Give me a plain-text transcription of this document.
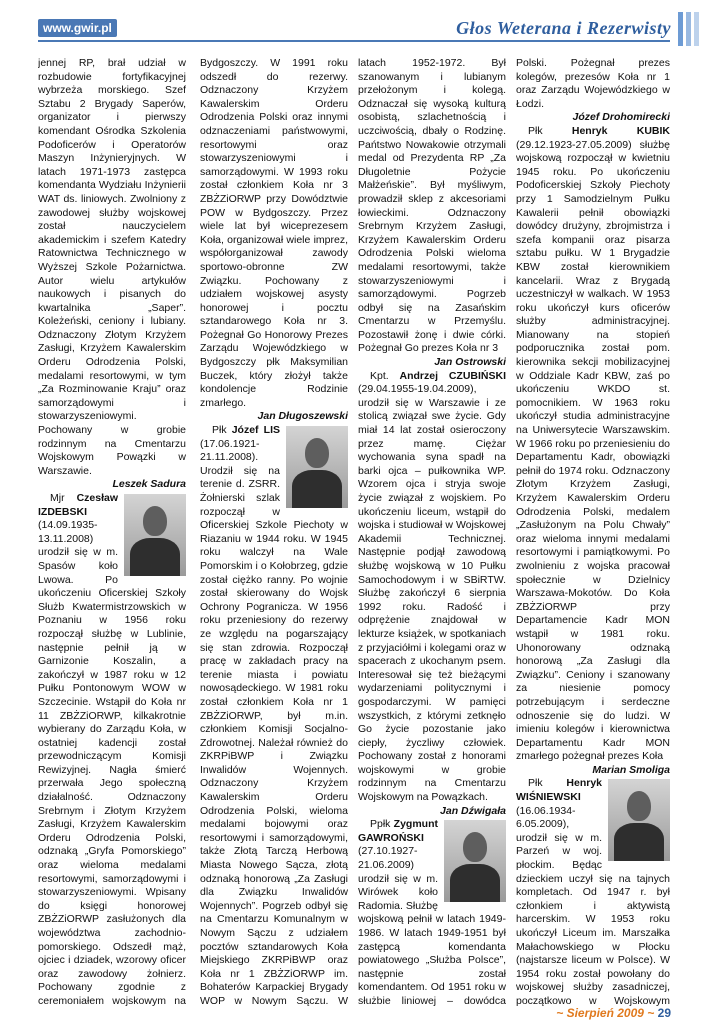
www.gwir.pl	Głos Weterana i Rezerwisty

jennej RP, brał udział w rozbudowie fortyfikacyjnej wybrzeża morskiego. Szef Sztabu 2 Brygady Saperów, organizator i pierwszy komendant Ośrodka Szkolenia Podoficerów i Operatorów Maszyn Inżynieryjnych. W latach 1971-1973 zastępca komendanta Wydziału Inżynierii WAT ds. liniowych. Zwolniony z zawodowej służby wojskowej został nauczycielem akademickim i szefem Katedry Ratownictwa Technicznego w Wyższej Szkole Pożarnictwa. Autor wielu artykułów naukowych i pisanych do kwartalnika „Saper”. Koleżeński, ceniony i lubiany. Odznaczony Złotym Krzyżem Zasługi, Krzyżem Kawalerskim Orderu Odrodzenia Polski, medalami resortowymi, w tym „Za Rozminowanie Kraju” oraz samorządowymi i stowarzyszeniowymi. Pochowany w grobie rodzinnym na Cmentarzu Wojskowym Powązki w Warszawie.

Leszek Sadura

Mjr Czesław IZDEBSKI (14.09.1935-13.11.2008) urodził się w m. Spasów koło Lwowa. Po ukończeniu Oficerskiej Szkoły Służb Kwatermistrzowskich w Poznaniu w 1956 roku rozpoczął służbę w Lublinie, następnie pełnił ją w Garnizonie Koszalin, a zakończył w 1987 roku w 12 Pułku Pontonowym WOW w Szczecinie. Wstąpił do Koła nr 11 ZBŻZiORWP, kilkakrotnie wybierany do Zarządu Koła, w ostatniej kadencji został przewodniczącym Komisji Rewizyjnej. Nagła śmierć przerwała Jego społeczną działalność. Odznaczony Srebrnym i Złotym Krzyżem Zasługi, Krzyżem Kawalerskim Orderu Odrodzenia Polski, odznaką „Gryfa Pomorskiego” oraz wieloma medalami resortowymi, samorządowymi i stowarzyszeniowymi. Wpisany do księgi honorowej ZBŻZiORWP zasłużonych dla województwa zachodnio-pomorskiego. Odszedł mąż, ojciec i dziadek, wzorowy oficer oraz zawodowy żołnierz. Pochowany zgodnie z ceremoniałem wojskowym na

Bydgoszczy. W 1991 roku odszedł do rezerwy. Odznaczony Krzyżem Kawalerskim Orderu Odrodzenia Polski oraz innymi odznaczeniami państwowymi, resortowymi oraz stowarzyszeniowymi i samorządowymi. W 1993 roku został członkiem Koła nr 3 ZBŻZiORWP przy Dowództwie POW w Bydgoszczy. Przez wiele lat był wiceprezesem Koła, organizował wiele imprez, współorganizował zawody sportowo-obronne ZW Związku. Pochowany z udziałem wojskowej asysty honorowej i pocztu sztandarowego Koła nr 3. Pożegnał Go Honorowy Prezes Zarządu Wojewódzkiego w Bydgoszczy płk Maksymilian Buczek, który złożył także kondolencje Rodzinie zmarłego.

Jan Długoszewski

Płk Józef LIS (17.06.1921-21.11.2008). Urodził się na terenie d. ZSRR. Żołnierski szlak rozpoczął w Oficerskiej Szkole Piechoty w Riazaniu w 1944 roku. W 1945 roku walczył na Wale Pomorskim i o Kołobrzeg, gdzie został ciężko ranny. Po wojnie został skierowany do Wojsk Ochrony Pogranicza. W 1956 roku przeniesiony do rezerwy ze względu na pogarszający się stan zdrowia. Rozpoczął pracę w zakładach pracy na terenie miasta i powiatu nowosądeckiego. W 1981 roku został członkiem Koła nr 1 ZBŻZiORWP, był m.in. członkiem Komisji Socjalno-Zdrowotnej. Należał również do ZKRPiBWP i Związku Inwalidów Wojennych. Odznaczony Krzyżem Kawalerskim Orderu Odrodzenia Polski, wieloma medalami bojowymi oraz resortowymi i samorządowymi, także Złotą Tarczą Herbową Miasta Nowego Sącza, złotą odznaką honorową „Za Zasługi dla Związku Inwalidów Wojennych”. Pogrzeb odbył się na Cmentarzu Komunalnym w Nowym Sączu z udziałem pocztów sztandarowych Koła Miejskiego ZKRPiBWP oraz Koła nr 1 ZBŻZiORWP im. Bohaterów Karpackiej Brygady WOP w Nowym Sączu. W

latach 1952-1972. Był szanowanym i lubianym przełożonym i kolegą. Odznaczał się wysoką kulturą osobistą, szlachetnością i uczciwością, dbały o Rodzinę. Pańtstwo Nowakowie otrzymali medal od Prezydenta RP „Za Długoletnie Pożycie Małżeńskie”. Był myśliwym, prowadził sklep z akcesoriami łowieckimi. Odznaczony Srebrnym Krzyżem Zasługi, Krzyżem Kawalerskim Orderu Odrodzenia Polski wieloma medalami resortowymi, także stowarzyszeniowymi i samorządowymi. Pogrzeb odbył się na Zasańskim Cmentarzu w Przemyślu. Pozostawił żonę i dwie córki. Pożegnał Go prezes Koła nr 3

Jan Ostrowski

Kpt. Andrzej CZUBIŃSKI (29.04.1955-19.04.2009), urodził się w Warszawie i ze stolicą związał swe życie. Gdy miał 14 lat został osieroczony przez mamę. Ciężar wychowania syna spadł na barki ojca – pułkownika WP. Wzorem ojca i stryja swoje życie związał z wojskiem. Po ukończeniu liceum, wstąpił do wojska i studiował w Wojskowej Akademii Technicznej. Następnie podjął zawodową służbę wojskową w 10 Pułku Samochodowym i w SBiRTW. Służbę zakończył 6 sierpnia 1992 roku. Radość i odprężenie znajdował w lekturze książek, w spotkaniach z przyjaciółmi i kolegami oraz w spacerach z ukochanym psem. Interesował się też bieżącymi wydarzeniami politycznymi i gospodarczymi. W pamięci wszystkich, z którymi zetknęło Go życie pozostanie jako ciepły, życzliwy człowiek. Pochowany został z honorami wojskowymi w grobie rodzinnym na Cmentarzu Wojskowym na Powązkach.

Jan Dźwigała

Ppłk Zygmunt GAWROŃSKI (27.10.1927-21.06.2009) urodził się w m. Wirówek koło Radomia. Służbę wojskową pełnił w latach 1949-1986. W latach 1949-1951 był zastępcą komendanta powiatowego „Służba Polsce”, następnie został komendantem. Od 1951 roku w służbie liniowej – dowódca

Polski. Pożegnał prezes kolegów, prezesów Koła nr 1 oraz Zarządu Wojewódzkiego w Łodzi.

Józef Drohomirecki

Płk Henryk KUBIK (29.12.1923-27.05.2009) służbę wojskową rozpoczął w kwietniu 1945 roku. Po ukończeniu Podoficerskiej Szkoły Piechoty przy 1 Samodzielnym Pułku Kawalerii pełnił obowiązki dowódcy drużyny, zbrojmistrza i szefa kompanii oraz pisarza sztabu pułku. W 1 Brygadzie KBW został kierownikiem kancelarii. Wraz z Brygadą uczestniczył w walkach. W 1953 roku ukończył kurs oficerów służby administracyjnej. Mianowany na stopień podporucznika został pom. kierownika sekcji mobilizacyjnej w Oddziale Kadr KBW, zaś po ukończeniu WKDO st. pomocnikiem. W 1963 roku ukończył studia administracyjne na Uniwersytecie Warszawskim. W 1966 roku po przeniesieniu do Departamentu Kadr, obowiązki pełnił do 1974 roku. Odznaczony Złotym Krzyżem Zasługi, Krzyżem Kawalerskim Orderu Odrodzenia Polski, medalem „Zasłużonym na Polu Chwały” oraz wieloma innymi medalami resortowymi i pamiątkowymi. Po zwolnieniu z wojska pracował społecznie w Dzielnicy Warszawa-Mokotów. Do Koła ZBŻZiORWP przy Departamencie Kadr MON wstąpił w 1981 roku. Uhonorowany odznaką honorową „Za Zasługi dla Związku”. Ceniony i szanowany za niesienie pomocy potrzebującym i serdeczne odnoszenie się do ludzi. W imieniu kolegów i kierownictwa Departamentu Kadr MON zmarłego pożegnał prezes Koła

Marian Smoliga

Płk Henryk WIŚNIEWSKI (16.06.1934-6.05.2009), urodził się w m. Parzeń w woj. płockim. Będąc dzieckiem uczył się na tajnych kompletach. Od 1947 r. był członkiem i aktywistą harcerskim. W 1953 roku ukończył Liceum im. Marszałka Małachowskiego w Płocku (najstarsze liceum w Polsce). W 1954 roku został powołany do wojskowej służby zasadniczej, początkowo w Wojskowym

~ Sierpień 2009 ~ 29
